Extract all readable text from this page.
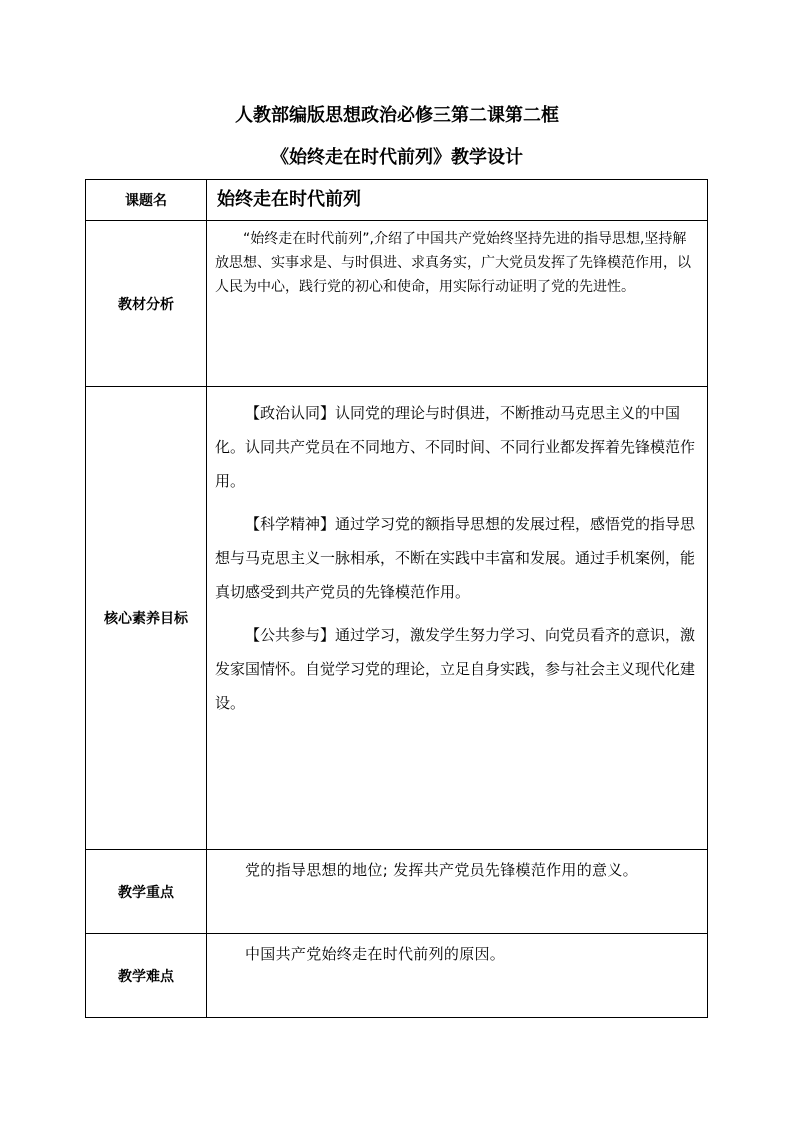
人教部编版思想政治必修三第二课第二框
《始终走在时代前列》教学设计
课题名	始终走在时代前列

教材分析	“始终走在时代前列”,介绍了中国共产党始终坚持先进的指导思想,坚持解放思想、实事求是、与时俱进、求真务实，广大党员发挥了先锋模范作用，以人民为中心，践行党的初心和使命，用实际行动证明了党的先进性。

核心素养目标	【政治认同】认同党的理论与时俱进，不断推动马克思主义的中国化。认同共产党员在不同地方、不同时间、不同行业都发挥着先锋模范作用。

【科学精神】通过学习党的额指导思想的发展过程，感悟党的指导思想与马克思主义一脉相承，不断在实践中丰富和发展。通过手机案例，能真切感受到共产党员的先锋模范作用。

【公共参与】通过学习，激发学生努力学习、向党员看齐的意识，激发家国情怀。自觉学习党的理论，立足自身实践，参与社会主义现代化建设。

教学重点	党的指导思想的地位; 发挥共产党员先锋模范作用的意义。

教学难点	中国共产党始终走在时代前列的原因。
